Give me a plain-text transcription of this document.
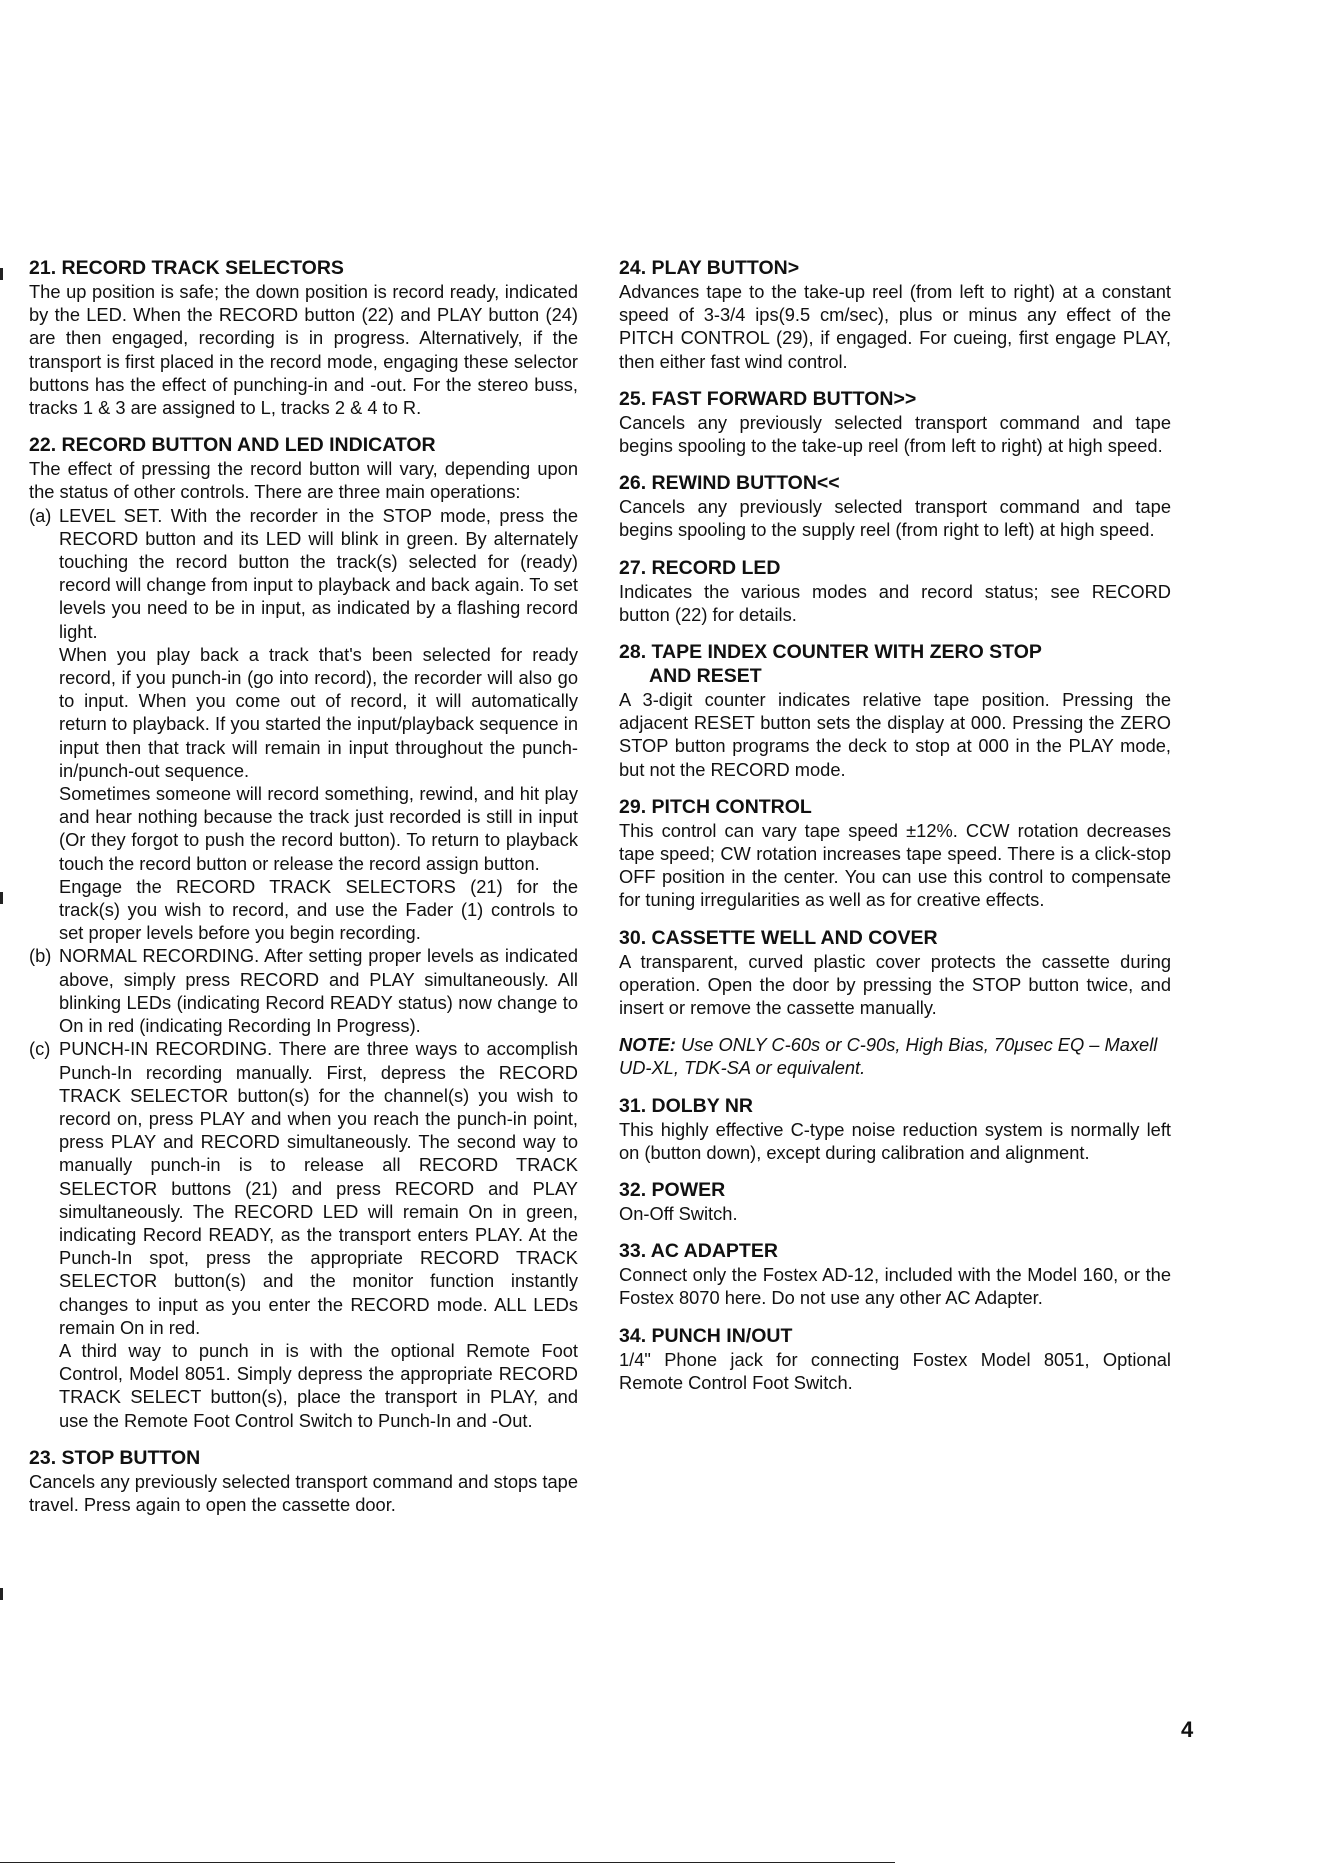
21. RECORD TRACK SELECTORS

The up position is safe; the down position is record ready, indicated by the LED. When the RECORD button (22) and PLAY button (24) are then engaged, recording is in progress. Alternatively, if the transport is first placed in the record mode, engaging these selector buttons has the effect of punching-in and -out. For the stereo buss, tracks 1 & 3 are assigned to L, tracks 2 & 4 to R.

22. RECORD BUTTON AND LED INDICATOR

The effect of pressing the record button will vary, depending upon the status of other controls. There are three main operations:

(a) LEVEL SET. With the recorder in the STOP mode, press the RECORD button and its LED will blink in green. By alternately touching the record button the track(s) selected for (ready) record will change from input to playback and back again. To set levels you need to be in input, as indicated by a flashing record light.

When you play back a track that's been selected for ready record, if you punch-in (go into record), the recorder will also go to input. When you come out of record, it will automatically return to playback. If you started the input/playback sequence in input then that track will remain in input throughout the punch-in/punch-out sequence.

Sometimes someone will record something, rewind, and hit play and hear nothing because the track just recorded is still in input (Or they forgot to push the record button). To return to playback touch the record button or release the record assign button.

Engage the RECORD TRACK SELECTORS (21) for the track(s) you wish to record, and use the Fader (1) controls to set proper levels before you begin recording.

(b) NORMAL RECORDING. After setting proper levels as indicated above, simply press RECORD and PLAY simultaneously. All blinking LEDs (indicating Record READY status) now change to On in red (indicating Recording In Progress).

(c) PUNCH-IN RECORDING. There are three ways to accomplish Punch-In recording manually. First, depress the RECORD TRACK SELECTOR button(s) for the channel(s) you wish to record on, press PLAY and when you reach the punch-in point, press PLAY and RECORD simultaneously. The second way to manually punch-in is to release all RECORD TRACK SELECTOR buttons (21) and press RECORD and PLAY simultaneously. The RECORD LED will remain On in green, indicating Record READY, as the transport enters PLAY. At the Punch-In spot, press the appropriate RECORD TRACK SELECTOR button(s) and the monitor function instantly changes to input as you enter the RECORD mode. ALL LEDs remain On in red.

A third way to punch in is with the optional Remote Foot Control, Model 8051. Simply depress the appropriate RECORD TRACK SELECT button(s), place the transport in PLAY, and use the Remote Foot Control Switch to Punch-In and -Out.

23. STOP BUTTON

Cancels any previously selected transport command and stops tape travel. Press again to open the cassette door.

24. PLAY BUTTON>

Advances tape to the take-up reel (from left to right) at a constant speed of 3-3/4 ips(9.5 cm/sec), plus or minus any effect of the PITCH CONTROL (29), if engaged. For cueing, first engage PLAY, then either fast wind control.

25. FAST FORWARD BUTTON>>

Cancels any previously selected transport command and tape begins spooling to the take-up reel (from left to right) at high speed.

26. REWIND BUTTON<<

Cancels any previously selected transport command and tape begins spooling to the supply reel (from right to left) at high speed.

27. RECORD LED

Indicates the various modes and record status; see RECORD button (22) for details.

28. TAPE INDEX COUNTER WITH ZERO STOP
AND RESET

A 3-digit counter indicates relative tape position. Pressing the adjacent RESET button sets the display at 000. Pressing the ZERO STOP button programs the deck to stop at 000 in the PLAY mode, but not the RECORD mode.

29. PITCH CONTROL

This control can vary tape speed ±12%. CCW rotation decreases tape speed; CW rotation increases tape speed. There is a click-stop OFF position in the center. You can use this control to compensate for tuning irregularities as well as for creative effects.

30. CASSETTE WELL AND COVER

A transparent, curved plastic cover protects the cassette during operation. Open the door by pressing the STOP button twice, and insert or remove the cassette manually.

NOTE: Use ONLY C-60s or C-90s, High Bias, 70μsec EQ – Maxell UD-XL, TDK-SA or equivalent.

31. DOLBY NR

This highly effective C-type noise reduction system is normally left on (button down), except during calibration and alignment.

32. POWER

On-Off Switch.

33. AC ADAPTER

Connect only the Fostex AD-12, included with the Model 160, or the Fostex 8070 here. Do not use any other AC Adapter.

34. PUNCH IN/OUT

1/4" Phone jack for connecting Fostex Model 8051, Optional Remote Control Foot Switch.

4
